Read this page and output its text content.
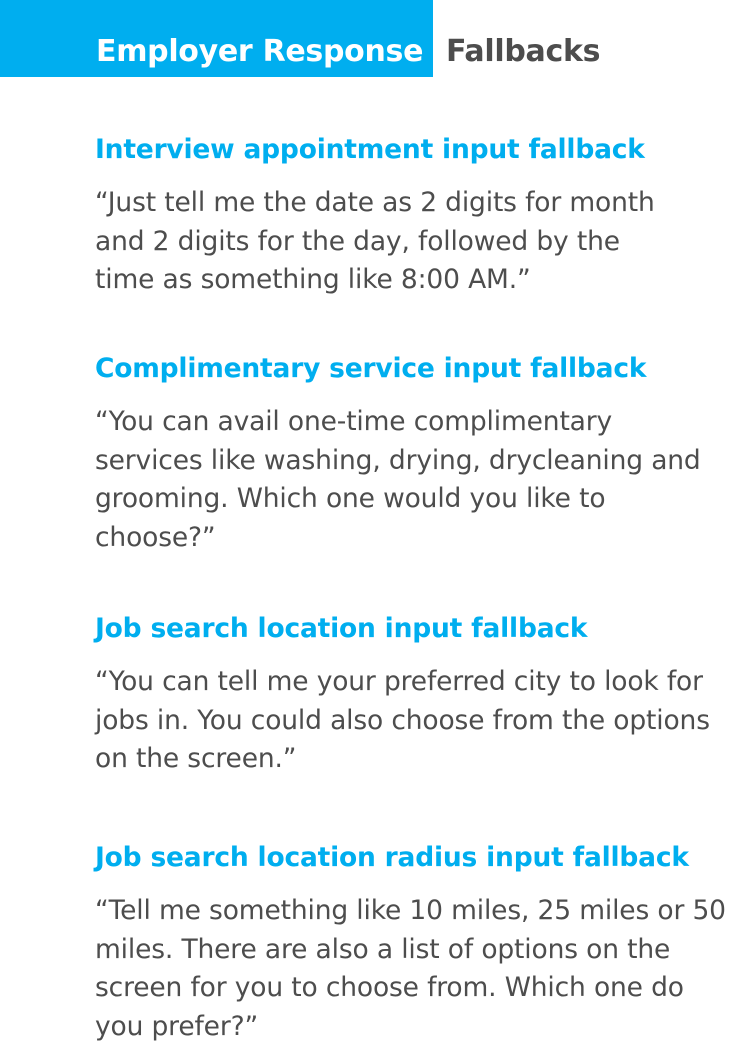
Employer Response Fallbacks
Interview appointment input fallback

“Just tell me the date as 2 digits for month
and 2 digits for the day, followed by the
time as something like 8:00 AM.”

Complimentary service input fallback

“You can avail one-time complimentary
services like washing, drying, drycleaning and
grooming. Which one would you like to
choose?”

Job search location input fallback

“You can tell me your preferred city to look for
jobs in. You could also choose from the options
on the screen.”

Job search location radius input fallback

“Tell me something like 10 miles, 25 miles or 50
miles. There are also a list of options on the
screen for you to choose from. Which one do
you prefer?”
